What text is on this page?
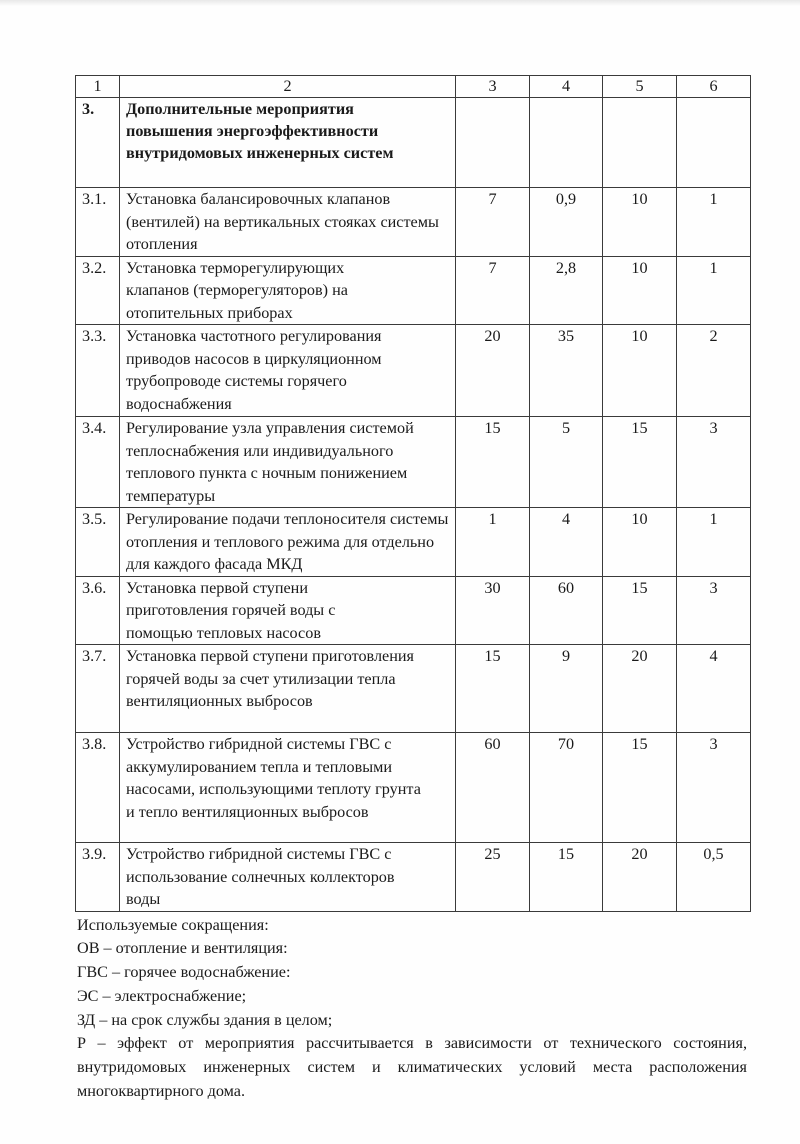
1	2	3	4	5	6
3.	Дополнительные мероприятия повышения энергоэффективности внутридомовых инженерных систем				
3.1.	Установка балансировочных клапанов (вентилей) на вертикальных стояках системы отопления	7	0,9	10	1
3.2.	Установка терморегулирующих клапанов (терморегуляторов) на отопительных приборах	7	2,8	10	1
3.3.	Установка частотного регулирования приводов насосов в циркуляционном трубопроводе системы горячего водоснабжения	20	35	10	2
3.4.	Регулирование узла управления системой теплоснабжения или индивидуального теплового пункта с ночным понижением температуры	15	5	15	3
3.5.	Регулирование подачи теплоносителя системы отопления и теплового режима для отдельно для каждого фасада МКД	1	4	10	1
3.6.	Установка первой ступени приготовления горячей воды с помощью тепловых насосов	30	60	15	3
3.7.	Установка первой ступени приготовления горячей воды за счет утилизации тепла вентиляционных выбросов	15	9	20	4
3.8.	Устройство гибридной системы ГВС с аккумулированием тепла и тепловыми насосами, использующими теплоту грунта и тепло вентиляционных выбросов	60	70	15	3
3.9.	Устройство гибридной системы ГВС с использование солнечных коллекторов воды	25	15	20	0,5

Используемые сокращения:

ОВ – отопление и вентиляция:

ГВС – горячее водоснабжение:

ЭС – электроснабжение;

ЗД – на срок службы здания в целом;

Р – эффект от мероприятия рассчитывается в зависимости от технического состояния, внутридомовых инженерных систем и климатических условий места расположения многоквартирного дома.
